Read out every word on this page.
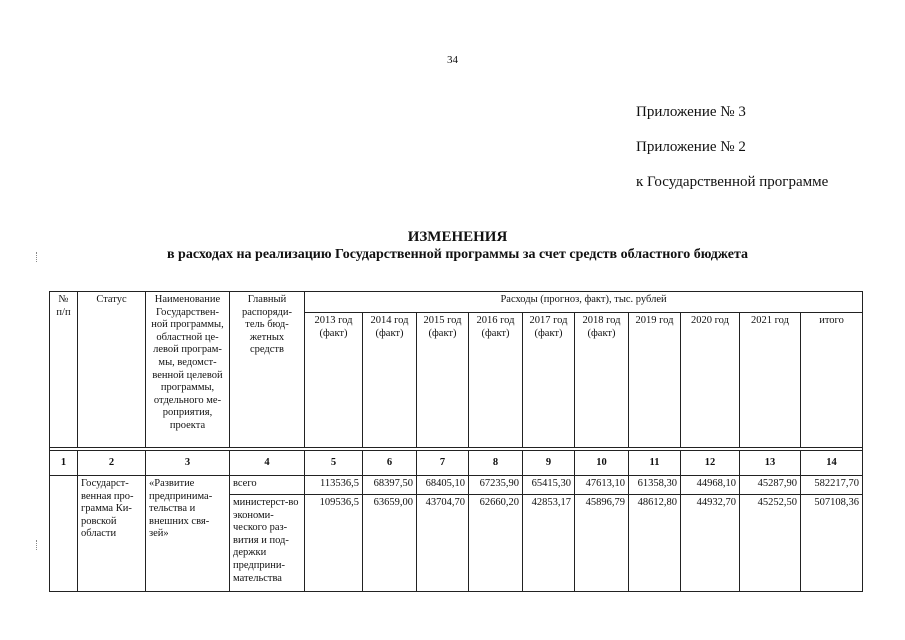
34
Приложение № 3
Приложение № 2
к Государственной программе
ИЗМЕНЕНИЯ
в расходах на реализацию Государственной программы за счет средств областного бюджета
№ п/п	Статус	Наименование Государствен-ной программы, областной це-левой програм-мы, ведомст-венной целевой программы, отдельного ме-роприятия, проекта	Главный распоряди-тель бюд-жетных средств	Расходы (прогноз, факт), тыс. рублей									
				2013 год (факт)	2014 год (факт)	2015 год (факт)	2016 год (факт)	2017 год (факт)	2018 год (факт)	2019 год	2020 год	2021 год	итого

1	2	3	4	5	6	7	8	9	10	11	12	13	14
	Государст-венная про-грамма Ки-ровской области	«Развитие предпринима-тельства и внешних свя-зей»	всего	113536,5	68397,50	68405,10	67235,90	65415,30	47613,10	61358,30	44968,10	45287,90	582217,70
			министерст-во экономи-ческого раз-вития и под-держки предприни-мательства	109536,5	63659,00	43704,70	62660,20	42853,17	45896,79	48612,80	44932,70	45252,50	507108,36
